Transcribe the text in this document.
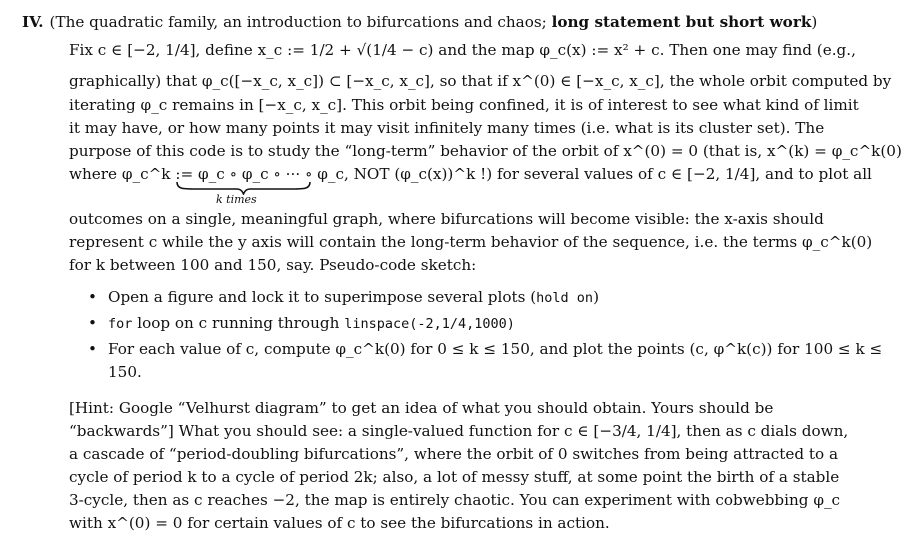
IV. (The quadratic family, an introduction to bifurcations and chaos; long statement but short work)
Fix c ∈ [−2, 1/4], define x_c := 1/2 + √(1/4 − c) and the map φ_c(x) := x² + c. Then one may find (e.g.,
graphically) that φ_c([−x_c, x_c]) ⊂ [−x_c, x_c], so that if x^(0) ∈ [−x_c, x_c], the whole orbit computed by
iterating φ_c remains in [−x_c, x_c]. This orbit being confined, it is of interest to see what kind of limit
it may have, or how many points it may visit infinitely many times (i.e. what is its cluster set). The
purpose of this code is to study the “long-term” behavior of the orbit of x^(0) = 0 (that is, x^(k) = φ_c^k(0)
where φ_c^k := φ_c ∘ φ_c ∘ ··· ∘ φ_c, NOT (φ_c(x))^k !) for several values of c ∈ [−2, 1/4], and to plot all
k times
outcomes on a single, meaningful graph, where bifurcations will become visible: the x-axis should
represent c while the y axis will contain the long-term behavior of the sequence, i.e. the terms φ_c^k(0)
for k between 100 and 150, say. Pseudo-code sketch:
• Open a figure and lock it to superimpose several plots (hold on)
• for loop on c running through linspace(-2,1/4,1000)
• For each value of c, compute φ_c^k(0) for 0 ≤ k ≤ 150, and plot the points (c, φ^k(c)) for 100 ≤ k ≤
150.
[Hint: Google “Velhurst diagram” to get an idea of what you should obtain. Yours should be
“backwards”] What you should see: a single-valued function for c ∈ [−3/4, 1/4], then as c dials down,
a cascade of “period-doubling bifurcations”, where the orbit of 0 switches from being attracted to a
cycle of period k to a cycle of period 2k; also, a lot of messy stuff, at some point the birth of a stable
3-cycle, then as c reaches −2, the map is entirely chaotic. You can experiment with cobwebbing φ_c
with x^(0) = 0 for certain values of c to see the bifurcations in action.
